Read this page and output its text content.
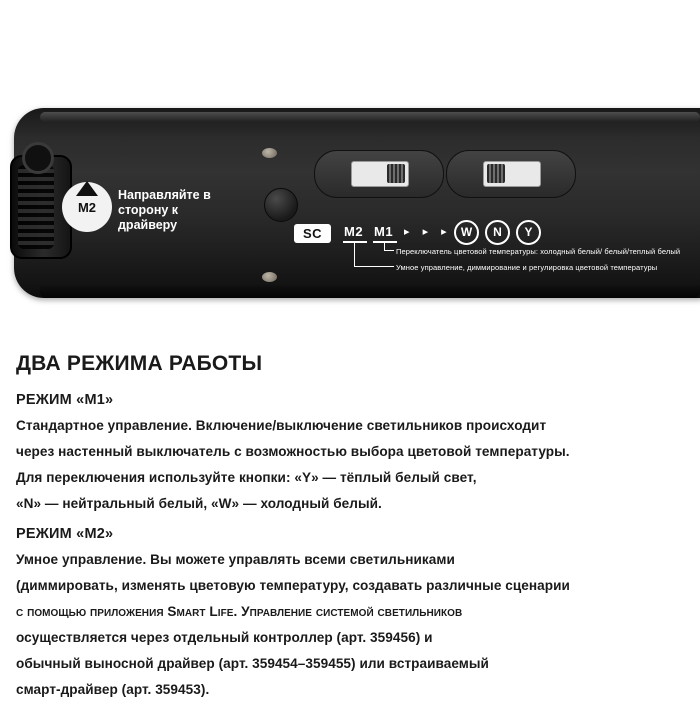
M2
Направляйте в
сторону к драйверу
SC	M2 M1 ▸ ▸ ▸ W N Y
Переключатель цветовой температуры: холодный белый/ белый/теплый белый
Умное управление, диммирование и регулировка цветовой температуры
ДВА РЕЖИМА РАБОТЫ
РЕЖИМ «M1»

Стандартное управление. Включение/выключение светильников происходит

через настенный выключатель с возможностью выбора цветовой температуры.

Для переключения используйте кнопки: «Y» — тёплый белый свет,

«N» — нейтральный белый, «W» — холодный белый.

РЕЖИМ «M2»

Умное управление. Вы можете управлять всеми светильниками

(диммировать, изменять цветовую температуру, создавать различные сценарии

с помощью приложения Smart Life. Управление системой светильников

осуществляется через отдельный контроллер (арт. 359456) и

обычный выносной драйвер (арт. 359454–359455) или встраиваемый

смарт-драйвер (арт. 359453).
